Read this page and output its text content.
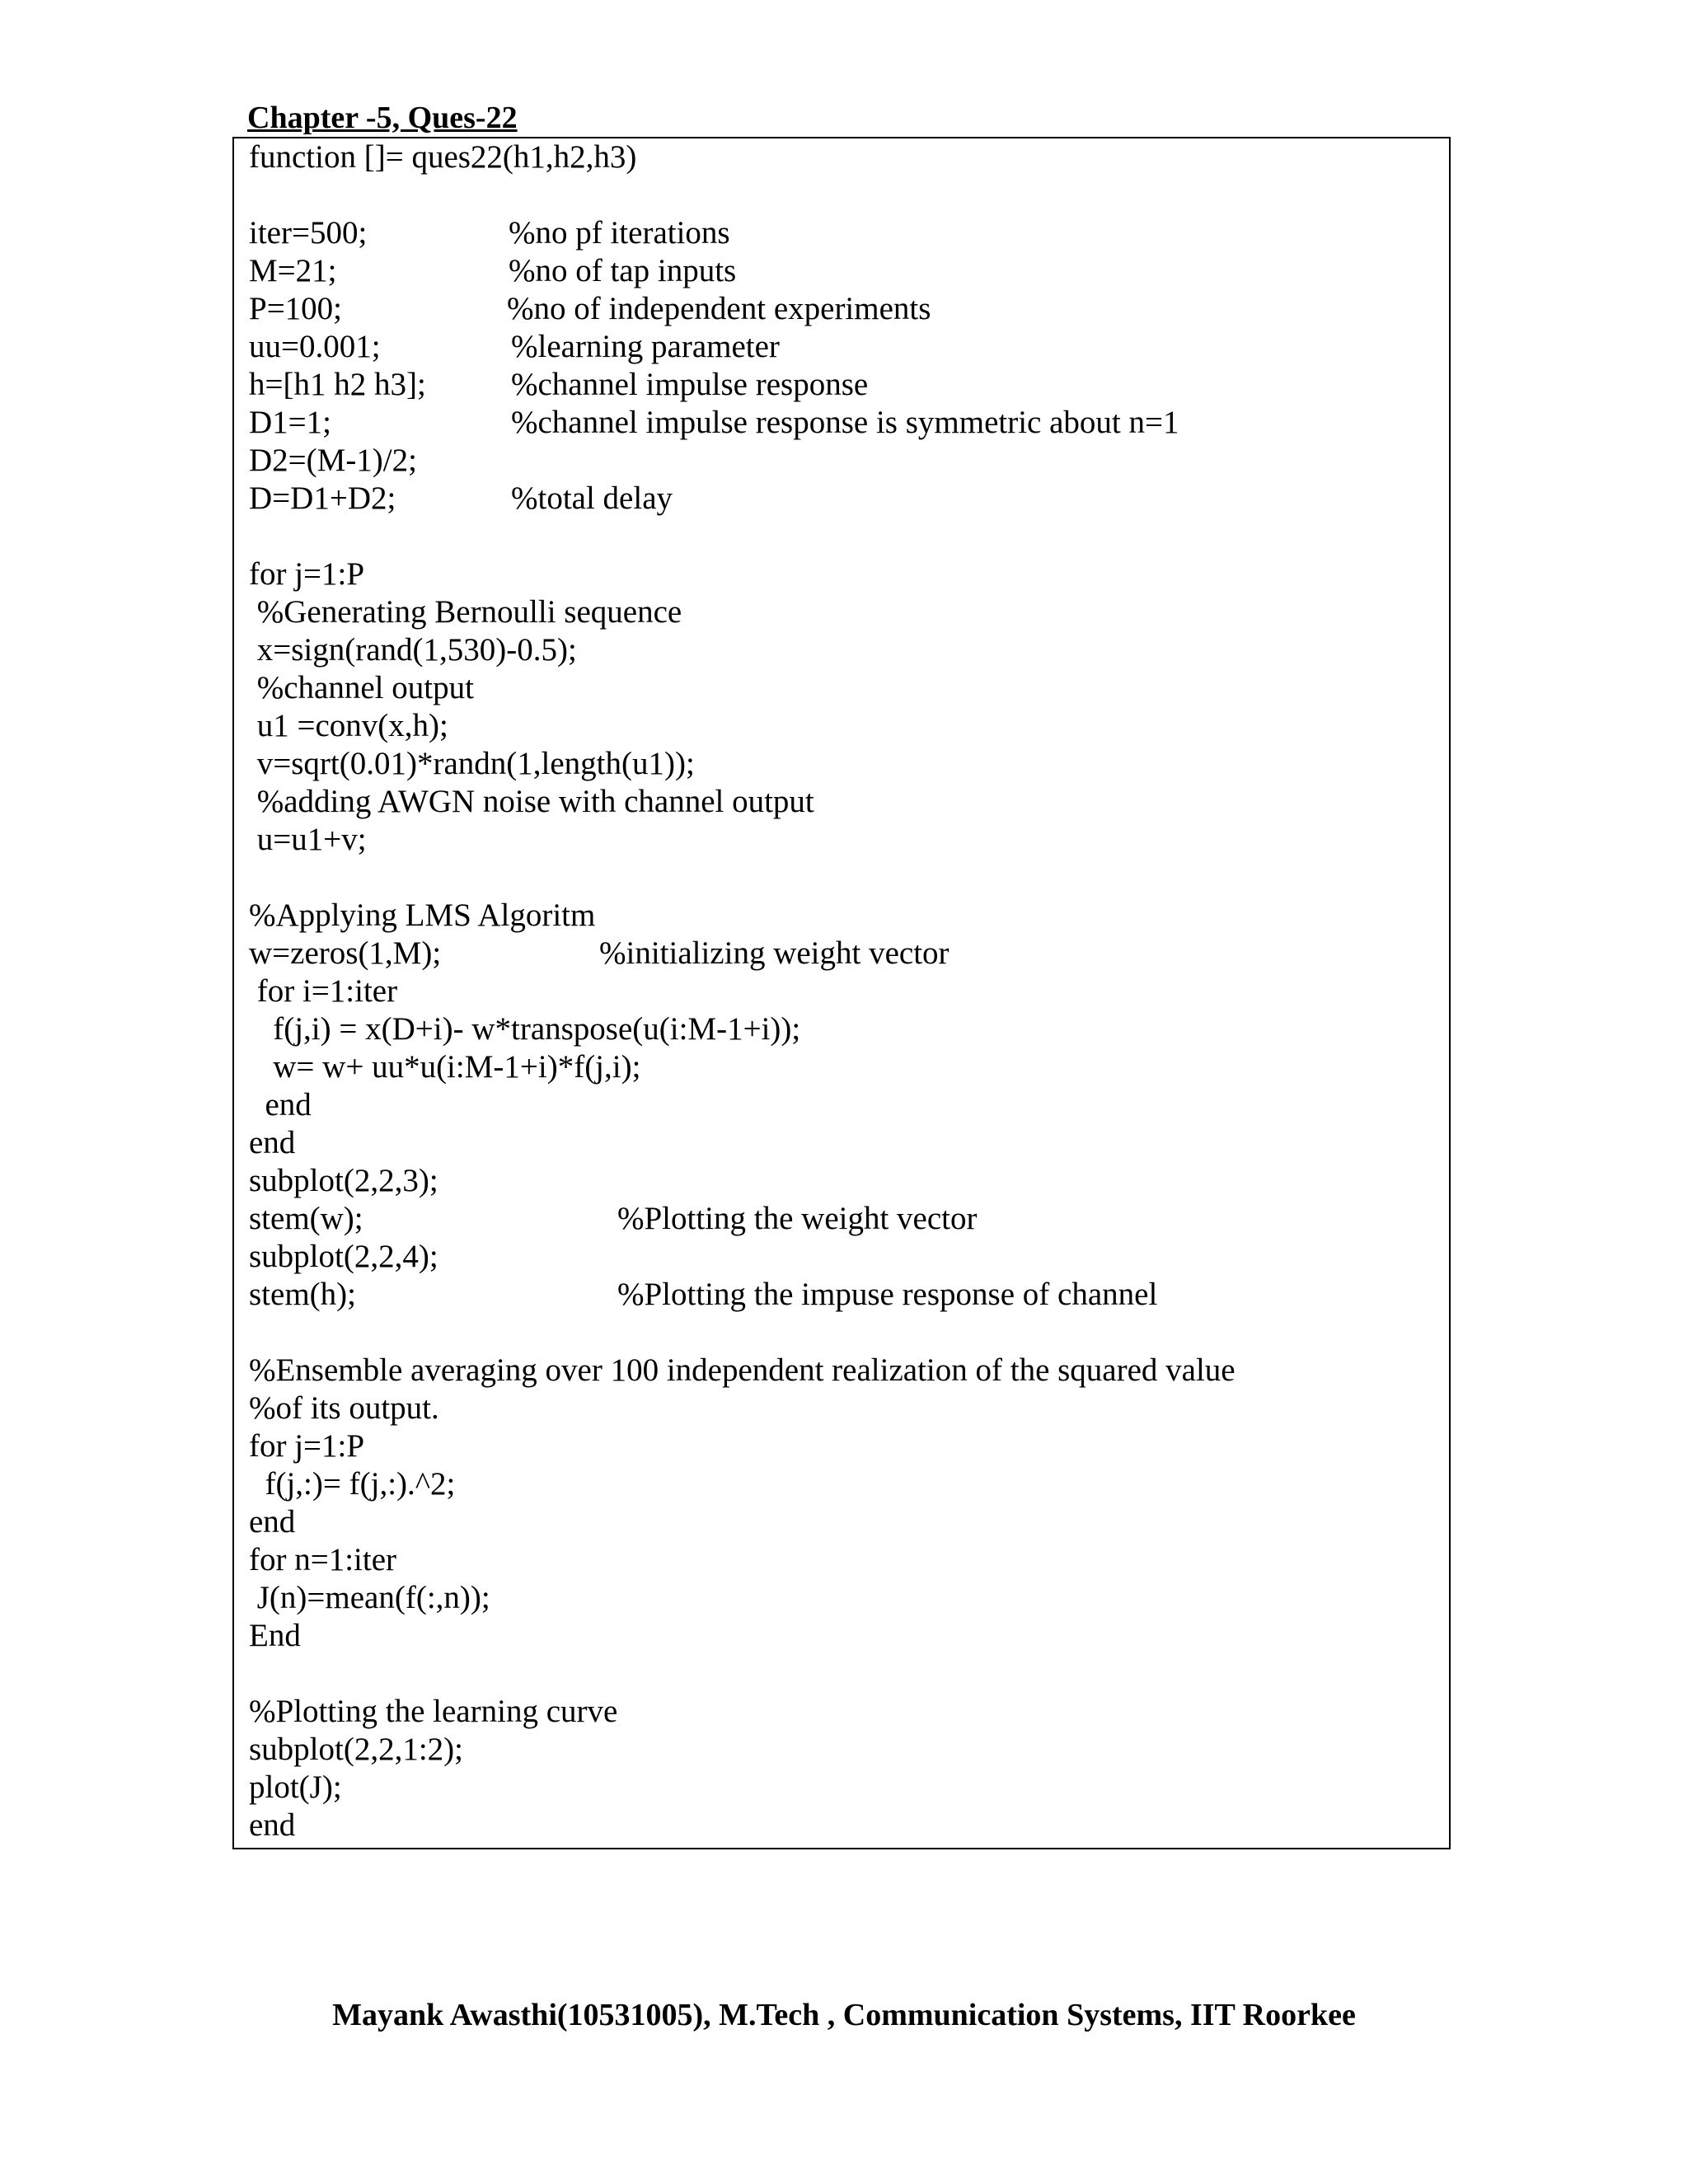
Chapter -5, Ques-22
function []= ques22(h1,h2,h3)
iter=500;	%no pf iterations
M=21;	%no of tap inputs
P=100;	%no of independent experiments
uu=0.001;	%learning parameter
h=[h1 h2 h3];	%channel impulse response
D1=1;	%channel impulse response is symmetric about n=1
D2=(M-1)/2;
D=D1+D2;	%total delay
for j=1:P
%Generating Bernoulli sequence
x=sign(rand(1,530)-0.5);
%channel output
u1 =conv(x,h);
v=sqrt(0.01)*randn(1,length(u1));
%adding AWGN noise with channel output
u=u1+v;
%Applying LMS Algoritm
w=zeros(1,M);	%initializing weight vector
for i=1:iter
f(j,i) = x(D+i)- w*transpose(u(i:M-1+i));
w= w+ uu*u(i:M-1+i)*f(j,i);
end
end
subplot(2,2,3);
stem(w);	%Plotting the weight vector
subplot(2,2,4);
stem(h);	%Plotting the impuse response of channel
%Ensemble averaging over 100 independent realization of the squared value
%of its output.
for j=1:P
f(j,:)= f(j,:).^2;
end
for n=1:iter
J(n)=mean(f(:,n));
End
%Plotting the learning curve
subplot(2,2,1:2);
plot(J);
end
Mayank Awasthi(10531005), M.Tech , Communication Systems, IIT Roorkee
